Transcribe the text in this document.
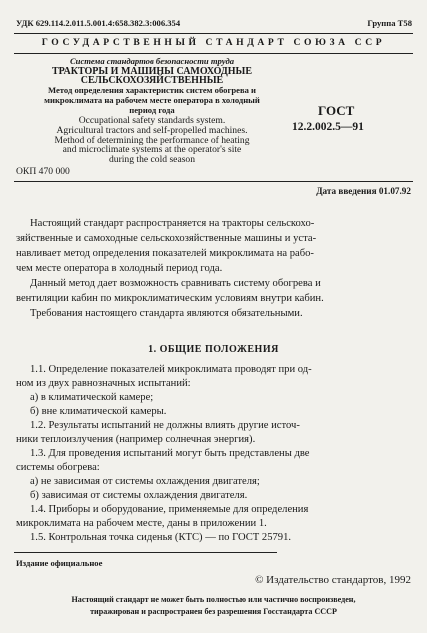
УДК 629.114.2.011.5.001.4:658.382.3:006.354	Группа Т58
ГОСУДАРСТВЕННЫЙ СТАНДАРТ СОЮЗА ССР
Система стандартов безопасности труда
ТРАКТОРЫ И МАШИНЫ САМОХОДНЫЕ
СЕЛЬСКОХОЗЯЙСТВЕННЫЕ
Метод определения характеристик систем обогрева и
микроклимата на рабочем месте оператора в холодный
период года
Occupational safety standards system.
Agricultural tractors and self-propelled machines.
Method of determining the performance of heating
and microclimate systems at the operator's site
during the cold season
ГОСТ
12.2.002.5—91
ОКП 470 000
Дата введения 01.07.92
Настоящий стандарт распространяется на тракторы сельскохо-
зяйственные и самоходные сельскохозяйственные машины и уста-
навливает метод определения показателей микроклимата на рабо-
чем месте оператора в холодный период года.
Данный метод дает возможность сравнивать систему обогрева и
вентиляции кабин по микроклиматическим условиям внутри кабин.
Требования настоящего стандарта являются обязательными.
1. ОБЩИЕ ПОЛОЖЕНИЯ
1.1. Определение показателей микроклимата проводят при од-
ном из двух равнозначных испытаний:
а) в климатической камере;
б) вне климатической камеры.
1.2. Результаты испытаний не должны влиять другие источ-
ники теплоизлучения (например солнечная энергия).
1.3. Для проведения испытаний могут быть представлены две
системы обогрева:
а) не зависимая от системы охлаждения двигателя;
б) зависимая от системы охлаждения двигателя.
1.4. Приборы и оборудование, применяемые для определения
микроклимата на рабочем месте, даны в приложении 1.
1.5. Контрольная точка сиденья (КТС) — по ГОСТ 25791.
Издание официальное
© Издательство стандартов, 1992
Настоящий стандарт не может быть полностью или частично воспроизведен,
тиражирован и распространен без разрешения Госстандарта СССР
